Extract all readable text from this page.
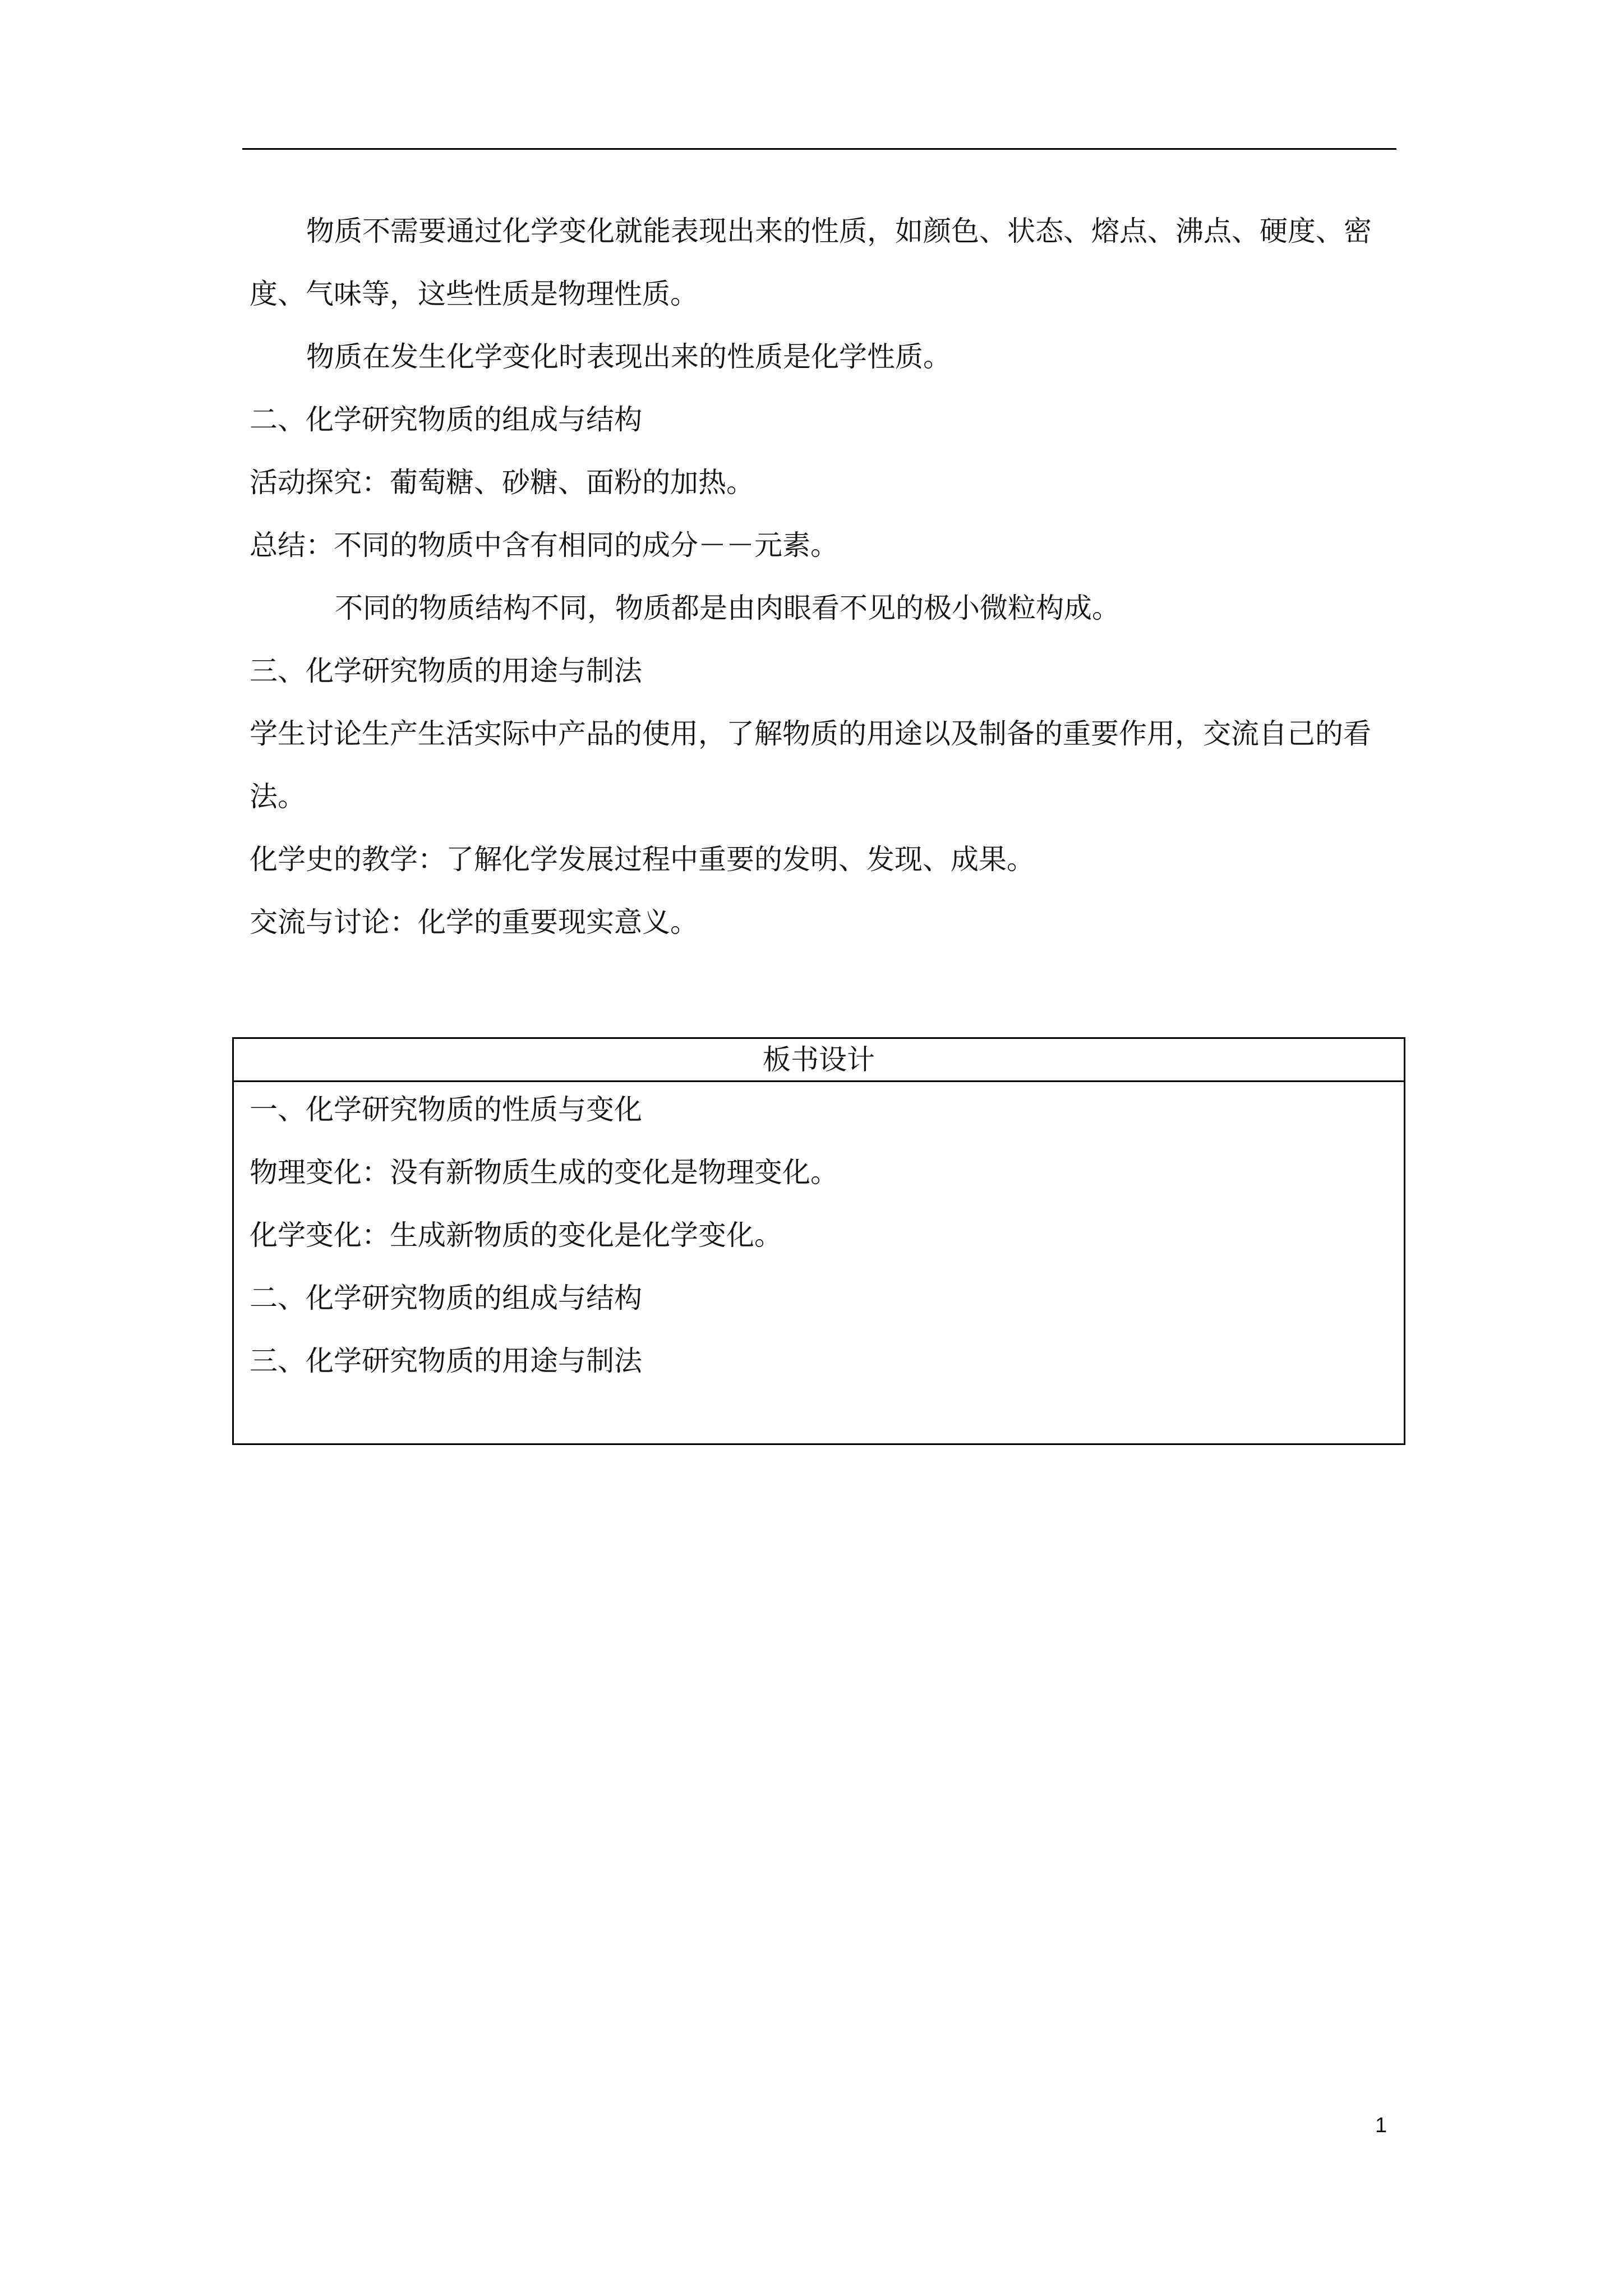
物质不需要通过化学变化就能表现出来的性质，如颜色、状态、熔点、沸点、硬度、密
度、气味等，这些性质是物理性质。
物质在发生化学变化时表现出来的性质是化学性质。
二、化学研究物质的组成与结构
活动探究：葡萄糖、砂糖、面粉的加热。
总结：不同的物质中含有相同的成分－－元素。
不同的物质结构不同，物质都是由肉眼看不见的极小微粒构成。
三、化学研究物质的用途与制法
学生讨论生产生活实际中产品的使用，了解物质的用途以及制备的重要作用，交流自己的看
法。
化学史的教学：了解化学发展过程中重要的发明、发现、成果。
交流与讨论：化学的重要现实意义。
板书设计
一、化学研究物质的性质与变化
物理变化：没有新物质生成的变化是物理变化。
化学变化：生成新物质的变化是化学变化。
二、化学研究物质的组成与结构
三、化学研究物质的用途与制法
1
